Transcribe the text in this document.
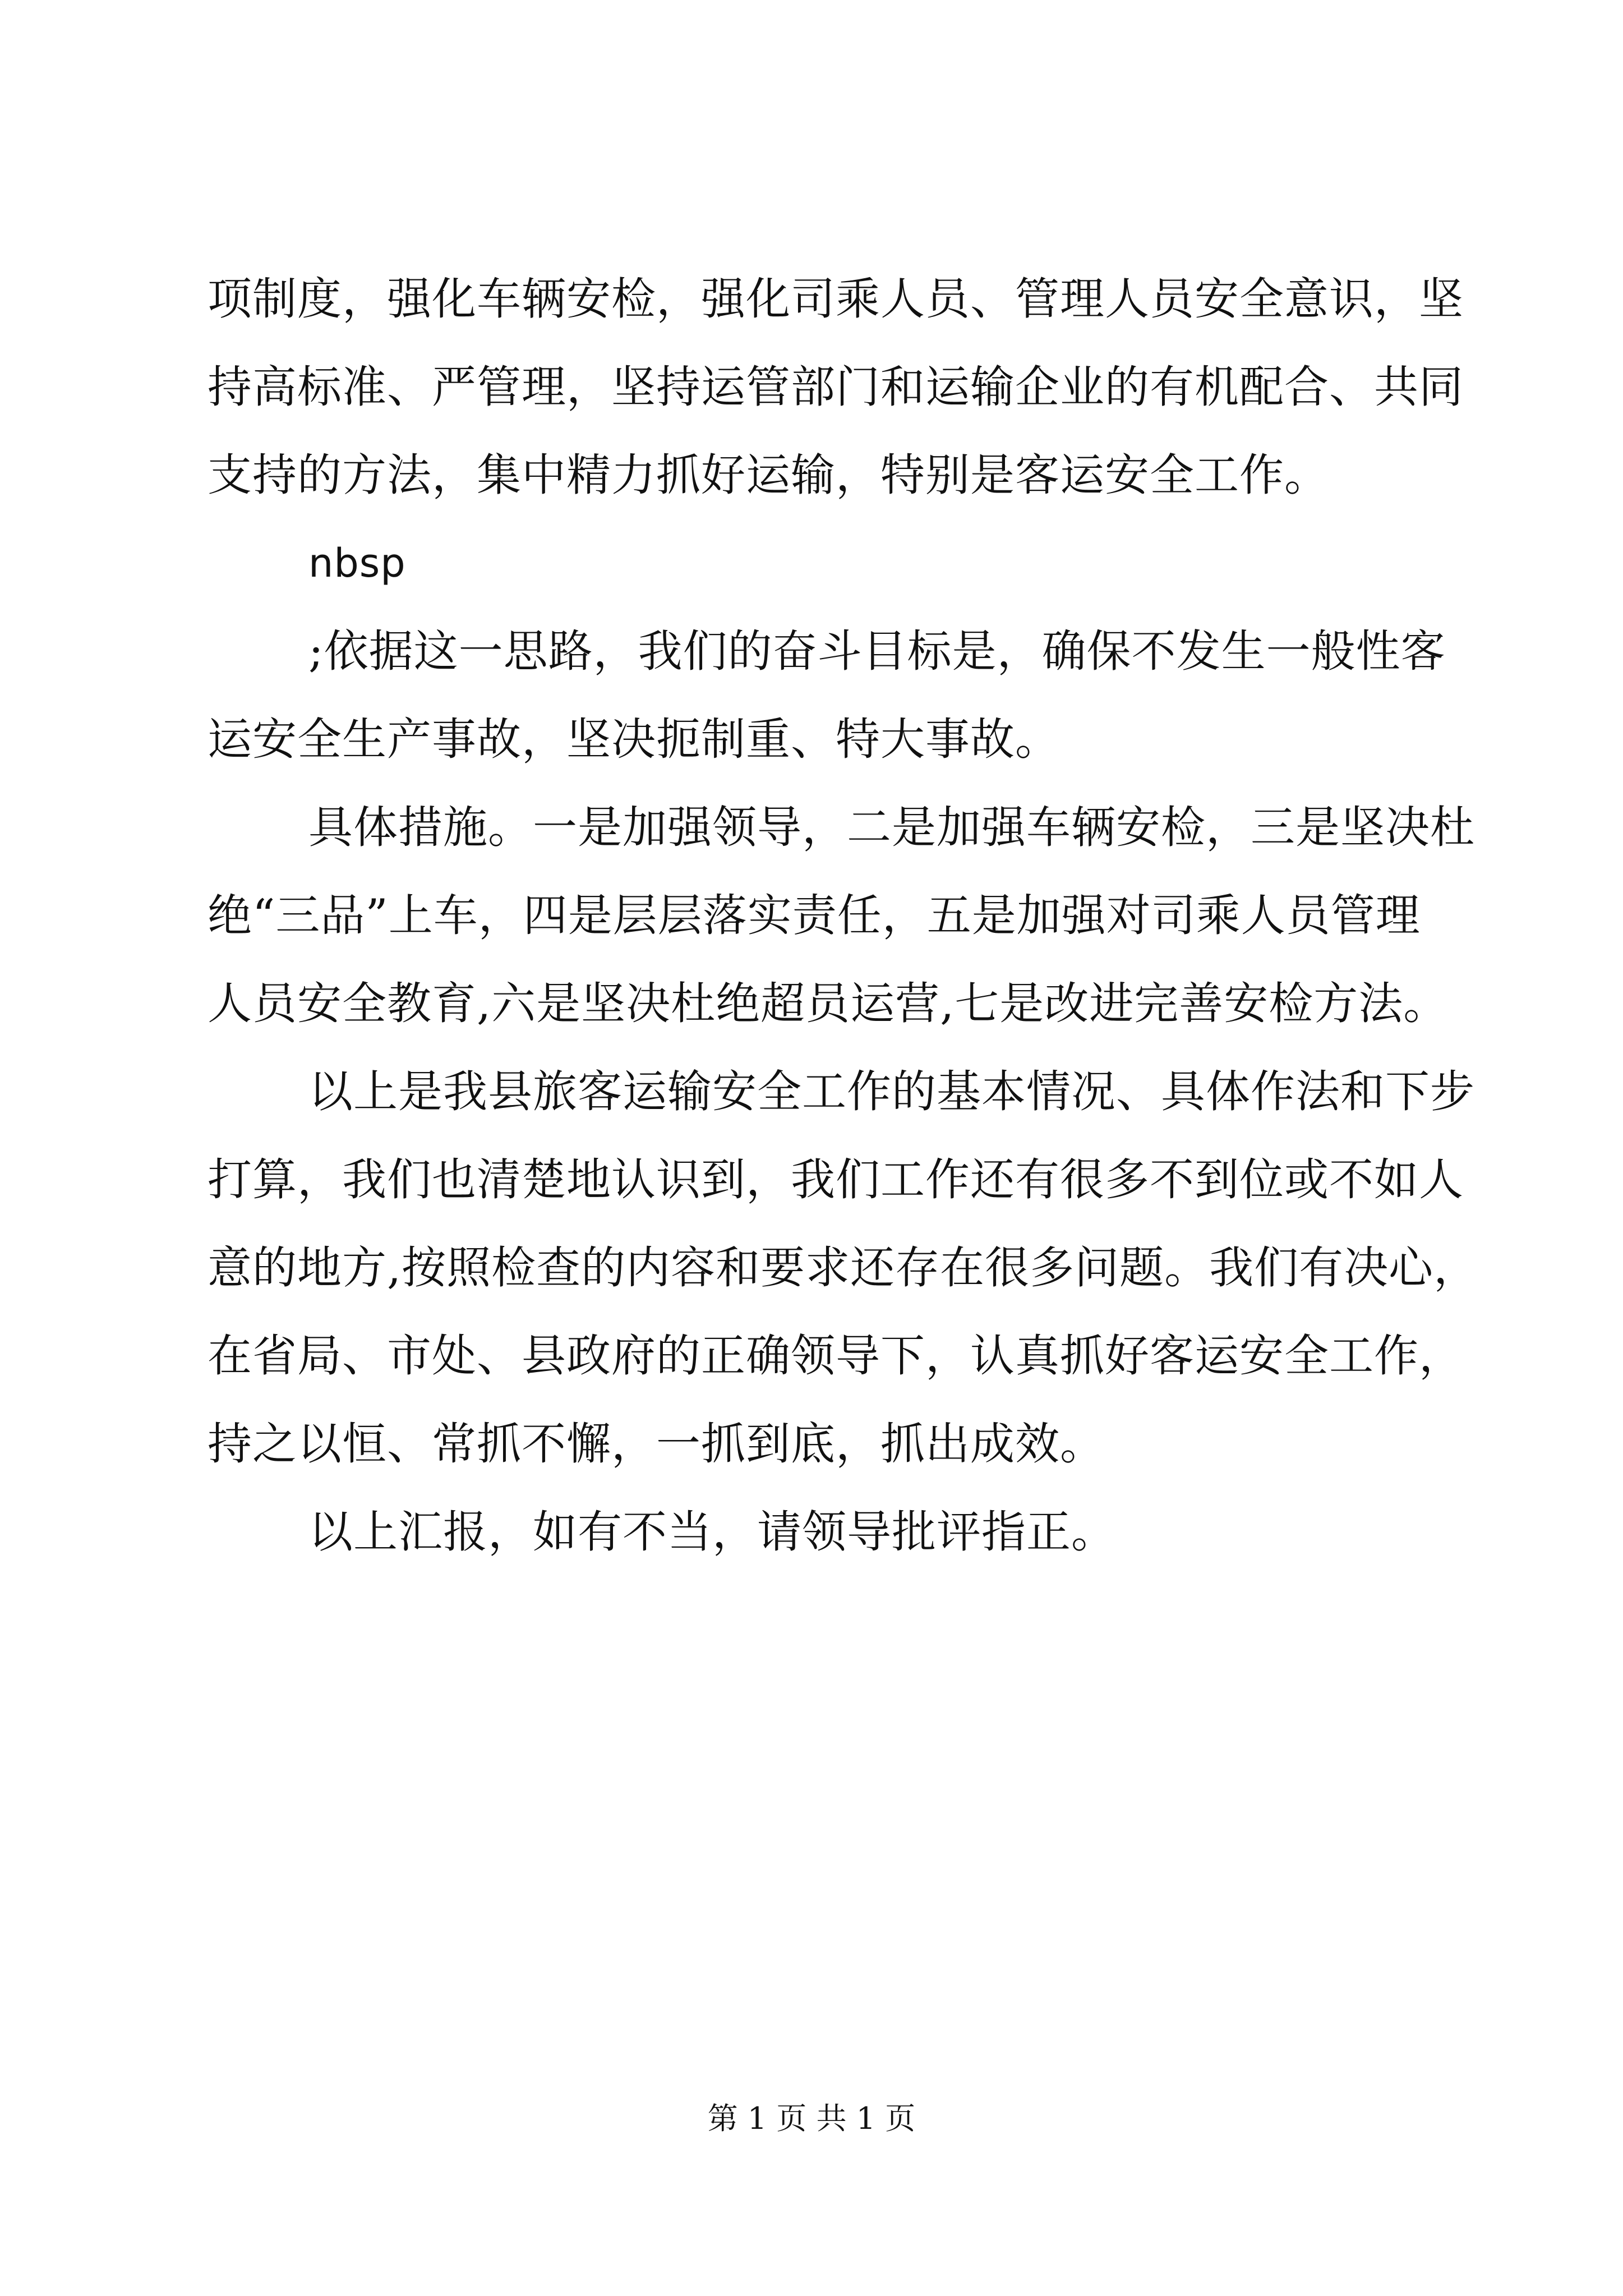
项制度，强化车辆安检，强化司乘人员、管理人员安全意识，坚

持高标准、严管理，坚持运管部门和运输企业的有机配合、共同

支持的方法，集中精力抓好运输，特别是客运安全工作。

nbsp

;依据这一思路，我们的奋斗目标是，确保不发生一般性客

运安全生产事故，坚决扼制重、特大事故。

具体措施。一是加强领导，二是加强车辆安检，三是坚决杜

绝“三品”上车，四是层层落实责任，五是加强对司乘人员管理

人员安全教育,六是坚决杜绝超员运营,七是改进完善安检方法。

以上是我县旅客运输安全工作的基本情况、具体作法和下步

打算，我们也清楚地认识到，我们工作还有很多不到位或不如人

意的地方,按照检查的内容和要求还存在很多问题。我们有决心，

在省局、市处、县政府的正确领导下，认真抓好客运安全工作，

持之以恒、常抓不懈，一抓到底，抓出成效。

以上汇报，如有不当，请领导批评指正。

第 1 页 共 1 页
